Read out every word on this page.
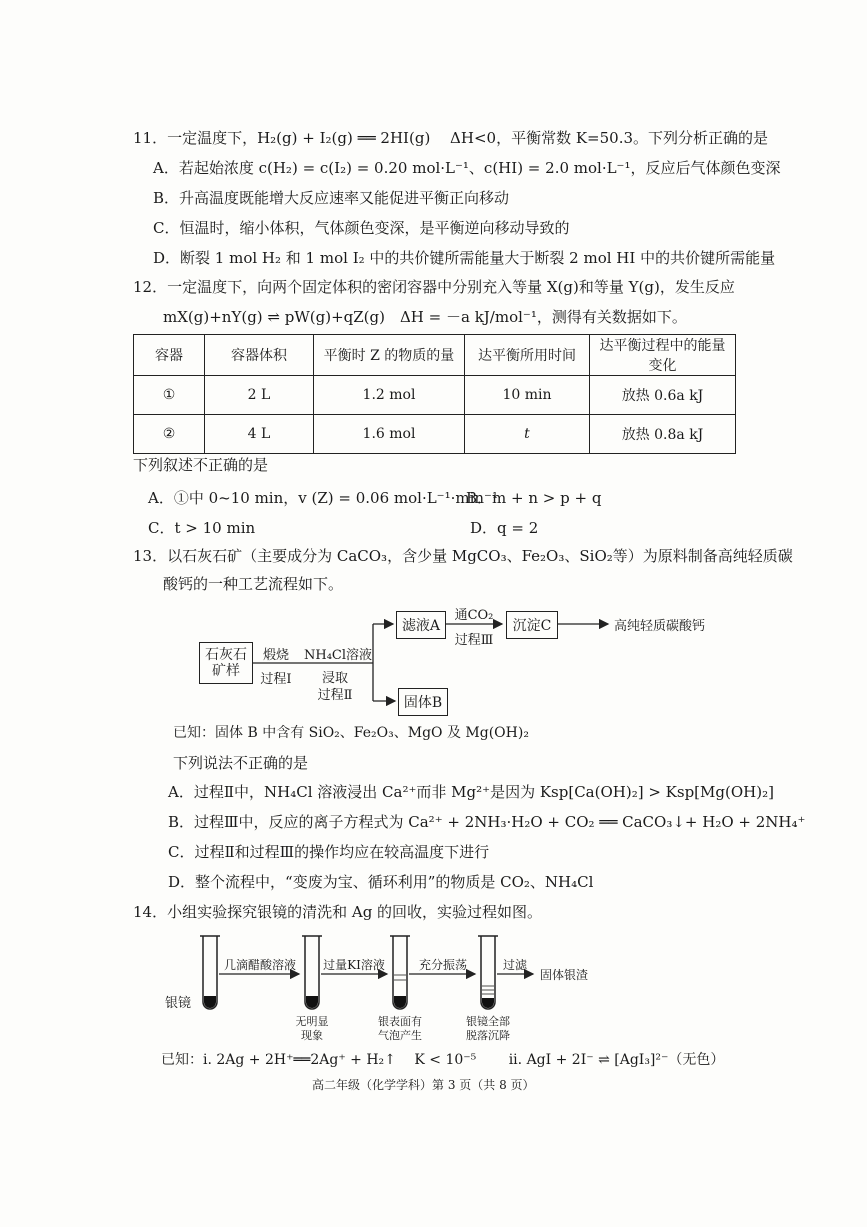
11．一定温度下，H₂(g) + I₂(g) ══ 2HI(g)　 ΔH<0，平衡常数 K=50.3。下列分析正确的是
A．若起始浓度 c(H₂) = c(I₂) = 0.20 mol·L⁻¹、c(HI) = 2.0 mol·L⁻¹，反应后气体颜色变深
B．升高温度既能增大反应速率又能促进平衡正向移动
C．恒温时，缩小体积，气体颜色变深，是平衡逆向移动导致的
D．断裂 1 mol H₂ 和 1 mol I₂ 中的共价键所需能量大于断裂 2 mol HI 中的共价键所需能量
12．一定温度下，向两个固定体积的密闭容器中分别充入等量 X(g)和等量 Y(g)，发生反应
mX(g)+nY(g) ⇌ pW(g)+qZ(g)　ΔH = －a kJ/mol⁻¹，测得有关数据如下。
容器	容器体积	平衡时 Z 的物质的量	达平衡所用时间	达平衡过程中的能量变化
①	2 L	1.2 mol	10 min	放热 0.6a kJ
②	4 L	1.6 mol	t	放热 0.8a kJ
下列叙述不正确的是
A．①中 0~10 min，v (Z) = 0.06 mol·L⁻¹·min⁻¹
B．m + n > p + q
C．t > 10 min	D．q = 2
13．以石灰石矿（主要成分为 CaCO₃，含少量 MgCO₃、Fe₂O₃、SiO₂等）为原料制备高纯轻质碳
酸钙的一种工艺流程如下。
石灰石矿样
煅烧
过程Ⅰ
NH₄Cl溶液
浸取
过程Ⅱ
滤液A
通CO₂
过程Ⅲ
沉淀C	高纯轻质碳酸钙
固体B
已知：固体 B 中含有 SiO₂、Fe₂O₃、MgO 及 Mg(OH)₂
下列说法不正确的是
A．过程Ⅱ中，NH₄Cl 溶液浸出 Ca²⁺而非 Mg²⁺是因为 Ksp[Ca(OH)₂] > Ksp[Mg(OH)₂]
B．过程Ⅲ中，反应的离子方程式为 Ca²⁺ + 2NH₃·H₂O + CO₂ ══ CaCO₃↓+ H₂O + 2NH₄⁺
C．过程Ⅱ和过程Ⅲ的操作均应在较高温度下进行
D．整个流程中，“变废为宝、循环利用”的物质是 CO₂、NH₄Cl
14．小组实验探究银镜的清洗和 Ag 的回收，实验过程如图。
银镜
几滴醋酸溶液	过量KI溶液	充分振荡	过滤
固体银渣
无明显
现象
银表面有
气泡产生
银镜全部
脱落沉降
已知：i. 2Ag + 2H⁺══2Ag⁺ + H₂↑　 K < 10⁻⁵　　 ii. AgI + 2I⁻ ⇌ [AgI₃]²⁻（无色）
高二年级（化学学科）第 3 页（共 8 页）
